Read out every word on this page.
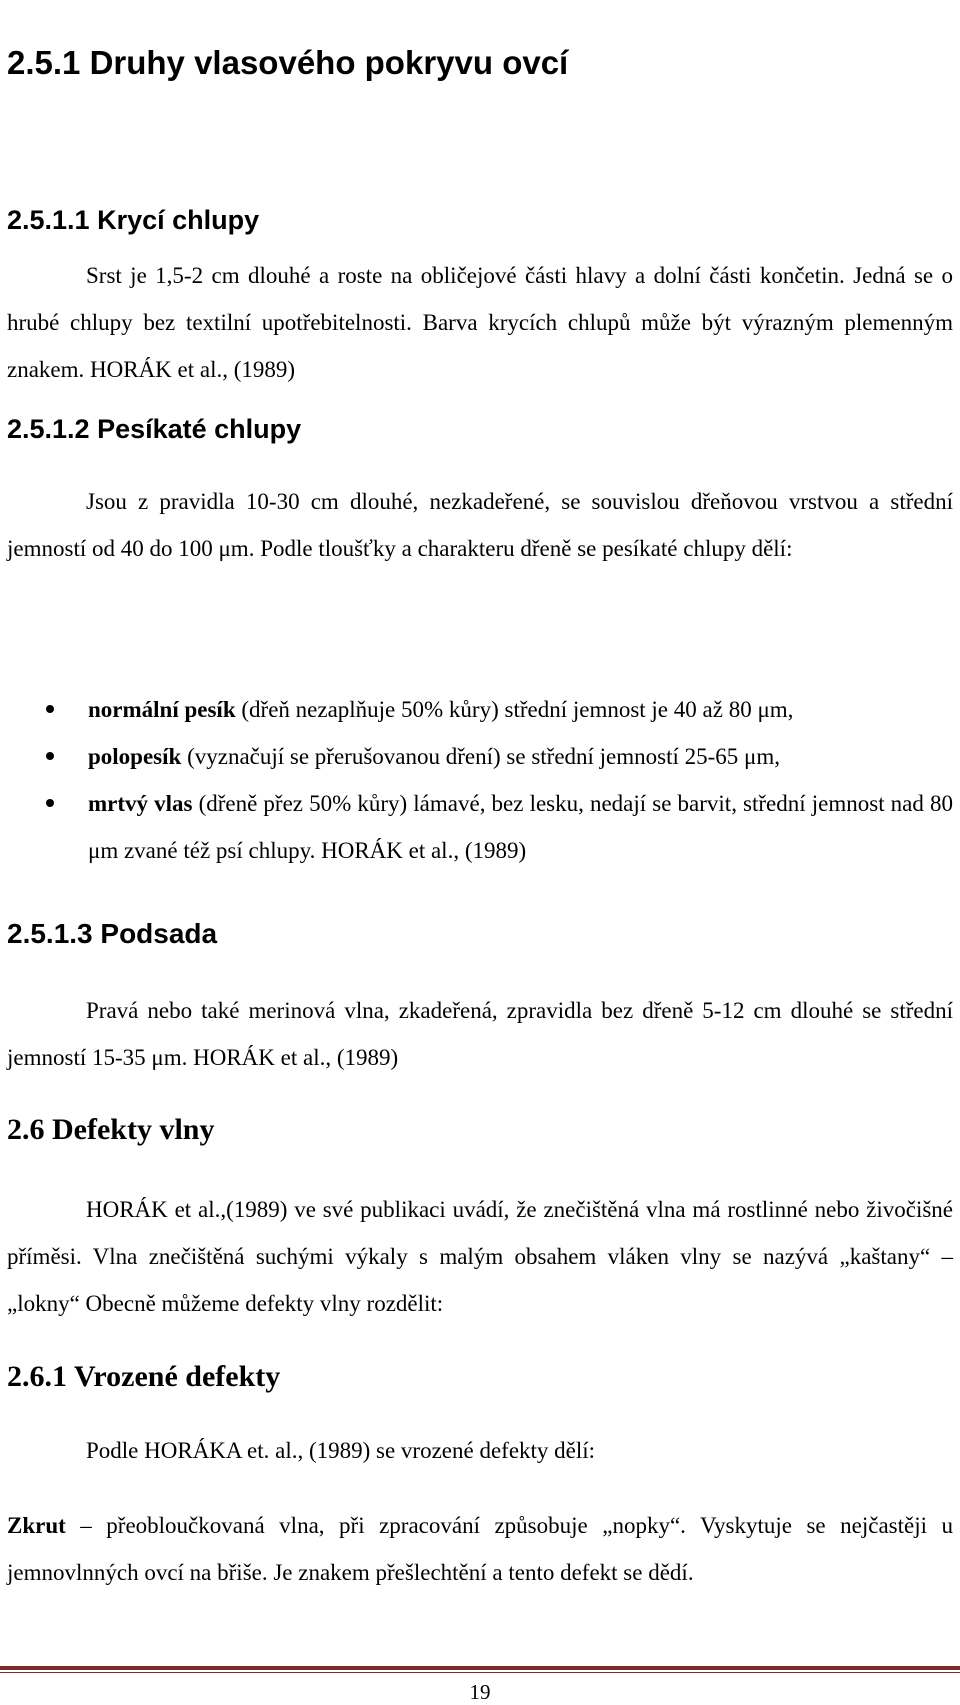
2.5.1 Druhy vlasového pokryvu ovcí
2.5.1.1 Krycí chlupy

Srst je 1,5-2 cm dlouhé a roste na obličejové části hlavy a dolní části končetin. Jedná se o hrubé chlupy bez textilní upotřebitelnosti. Barva krycích chlupů může být výrazným plemenným znakem. HORÁK et al., (1989)

2.5.1.2 Pesíkaté chlupy

Jsou z pravidla 10-30 cm dlouhé, nezkadeřené, se souvislou dřeňovou vrstvou a střední jemností od 40 do 100 μm. Podle tloušťky a charakteru dřeně se pesíkaté chlupy dělí:

normální pesík (dřeň nezaplňuje 50% kůry) střední jemnost je 40 až 80 μm,
polopesík (vyznačují se přerušovanou dření) se střední jemností 25-65 μm,
mrtvý vlas (dřeně přez 50% kůry) lámavé, bez lesku, nedají se barvit, střední jemnost nad 80 μm zvané též psí chlupy. HORÁK et al., (1989)
2.5.1.3 Podsada

Pravá nebo také merinová vlna, zkadeřená, zpravidla bez dřeně 5-12 cm dlouhé se střední jemností 15-35 μm. HORÁK et al., (1989)

2.6 Defekty vlny

HORÁK et al.,(1989) ve své publikaci uvádí, že znečištěná vlna má rostlinné nebo živočišné příměsi. Vlna znečištěná suchými výkaly s malým obsahem vláken vlny se nazývá „kaštany“ – „lokny“ Obecně můžeme defekty vlny rozdělit:

2.6.1 Vrozené defekty

Podle HORÁKA et. al., (1989) se vrozené defekty dělí:

Zkrut – přeobloučkovaná vlna, při zpracování způsobuje „nopky“. Vyskytuje se nejčastěji u jemnovlnných ovcí na břiše. Je znakem přešlechtění a tento defekt se dědí.

19
